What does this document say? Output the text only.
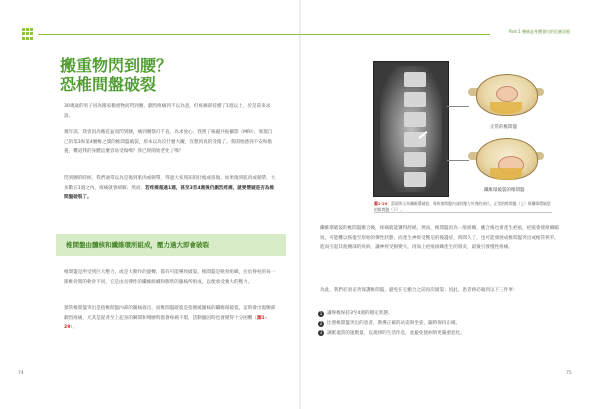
Part 1 腰痛是身體發出的危險訊號
搬重物閃到腰？
恐椎間盤破裂

30幾歲的男子因為搬家搬重物而閃到腰，劇烈疼痛到不以為意，但疼痛卻持續了1週以上，於是前來求診。

幾年前，我曾因為搬花盆而閃到腰，痛到腰都打不直，為求放心，我照了核磁共振攝影（MRI），發現自己的第3和第4腰椎之間的椎間盤破裂，原本以為沒什麼大礙，沒想到真的受傷了。我開始感到不安和擔憂，難道我的身體這麼容易受傷嗎？我已經開始老化了嗎？

閃到腰的時候，我們通常以為是傷到肌肉或韌帶，得過大家熟知的肚擔或扭傷，如果傷到肌肉或韌帶，大多數在1週之內，疼痛就會緩解；然而，若疼痛超過1週，甚至3至4週後仍劇烈疼痛，就要懷疑是否為椎間盤破裂了。

椎間盤由髓核和纖維環所組成，壓力過大即會破裂

椎間盤是所受到巨大壓力，或是大動作的旋轉，都有可能導致破裂。椎間盤是軟骨組織，位於脊柱的每一節椎骨間的軟骨不同，它是由具彈性的纖維組織和膠狀的髓核所組成，以便承受強大的壓力。

頸常椎間盤突出是指椎間盤內部的髓核溢出，而椎間盤破裂是指圍繞髓核的纖維環破裂，這時會出現腰部劇烈疼痛，尤其是從背至上起身的瞬間和彎腰時都會疼痛不堪，活動髓因時也會變得十分困難（圖1-29）。

74
正常的椎間盤
纖維環破裂的椎間盤

圖1-29：箭頭所示為纖維環破裂、導致椎間盤內部的壓力外洩的部位。正常的椎間盤（上）與纖維環破裂的椎間盤（下）。

纖維環破裂的椎間盤癒合後，疼痛就能獲得舒緩。然而，椎間盤因為一般組織，癒合後也會產生疤痕，疤痕會使組織縮短，可能難以恢復至原始的彈性狀態，而產生神經受壓迫的後遺症，時間久了，也可能發展成椎間盤突出或椎管狹窄，進而引起其他腰部的疾病，讓神經受損變大，再加上疤痕組織產生的發炎，最後引發慢性疼痛。

為此，我們必須妥善保護椎間盤，避免在它癒合之前再次破裂；因此，患者務必做到以下三件事：

1	讓脊椎保持3至4週的穩定狀態。
2	比照椎間盤突出的患者，教導正確的站姿與坐姿，隨時保持正確。
3	調配適當的運動量，以規律的生活作息，並避免使病情更嚴重惡化。
75
